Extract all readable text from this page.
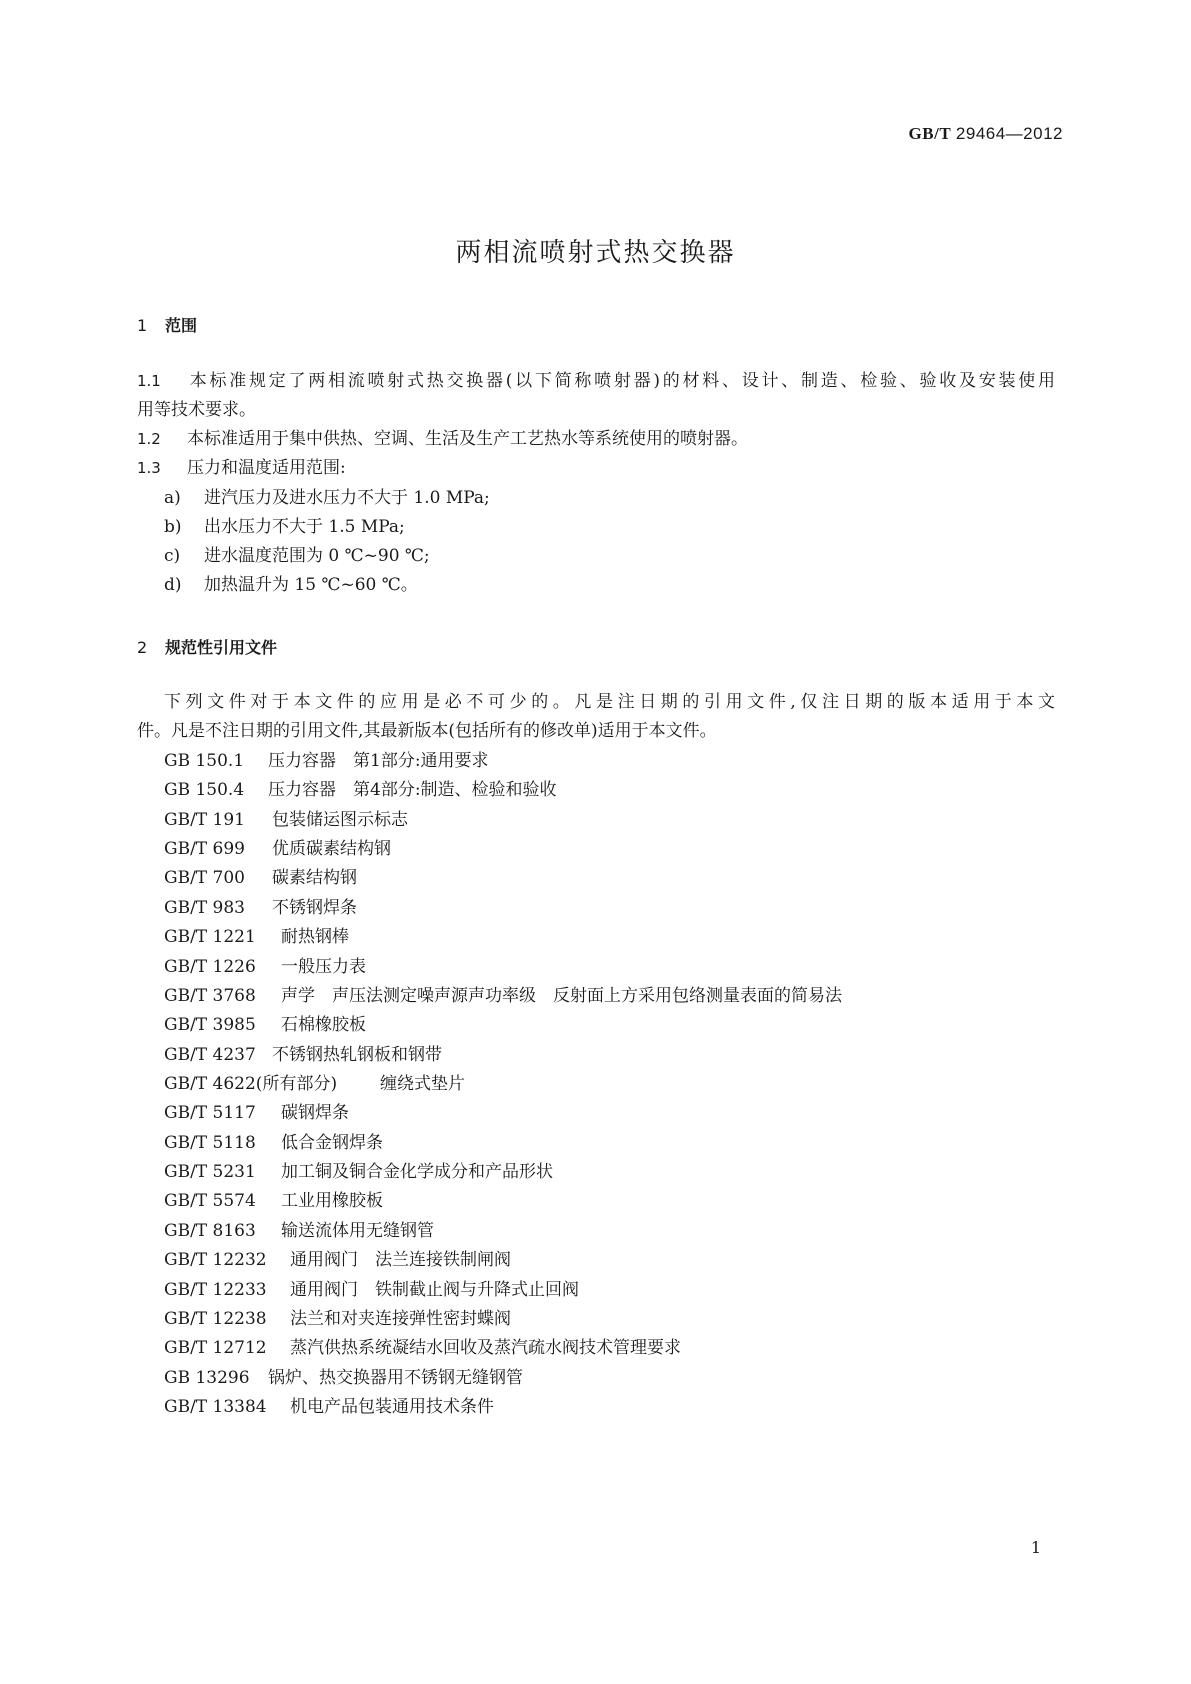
GB/T 29464—2012
两相流喷射式热交换器
1 范围
1.1 本标准规定了两相流喷射式热交换器(以下简称喷射器)的材料、设计、制造、检验、验收及安装使用
用等技术要求。
1.2 本标准适用于集中供热、空调、生活及生产工艺热水等系统使用的喷射器。
1.3 压力和温度适用范围:
a) 进汽压力及进水压力不大于 1.0 MPa;
b) 出水压力不大于 1.5 MPa;
c) 进水温度范围为 0 ℃~90 ℃;
d) 加热温升为 15 ℃~60 ℃。
2 规范性引用文件
下列文件对于本文件的应用是必不可少的。凡是注日期的引用文件,仅注日期的版本适用于本文
件。凡是不注日期的引用文件,其最新版本(包括所有的修改单)适用于本文件。
GB 150.1 压力容器　第1部分:通用要求
GB 150.4 压力容器　第4部分:制造、检验和验收
GB/T 191 包装储运图示标志
GB/T 699 优质碳素结构钢
GB/T 700 碳素结构钢
GB/T 983 不锈钢焊条
GB/T 1221 耐热钢棒
GB/T 1226 一般压力表
GB/T 3768 声学　声压法测定噪声源声功率级　反射面上方采用包络测量表面的简易法
GB/T 3985 石棉橡胶板
GB/T 4237 不锈钢热轧钢板和钢带
GB/T 4622(所有部分)	缠绕式垫片
GB/T 5117 碳钢焊条
GB/T 5118 低合金钢焊条
GB/T 5231 加工铜及铜合金化学成分和产品形状
GB/T 5574 工业用橡胶板
GB/T 8163 输送流体用无缝钢管
GB/T 12232 通用阀门　法兰连接铁制闸阀
GB/T 12233 通用阀门　铁制截止阀与升降式止回阀
GB/T 12238 法兰和对夹连接弹性密封蝶阀
GB/T 12712 蒸汽供热系统凝结水回收及蒸汽疏水阀技术管理要求
GB 13296 锅炉、热交换器用不锈钢无缝钢管
GB/T 13384 机电产品包装通用技术条件
1
